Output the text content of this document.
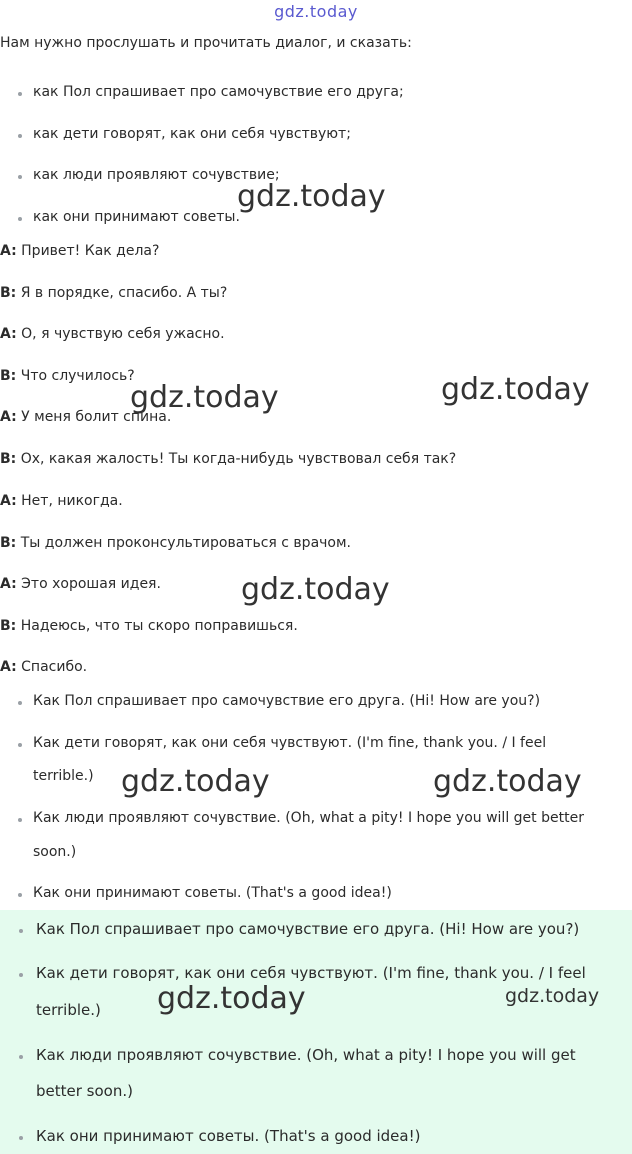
gdz.today
Нам нужно прослушать и прочитать диалог, и сказать:
как Пол спрашивает про самочувствие его друга;
как дети говорят, как они себя чувствуют;
как люди проявляют сочувствие;
как они принимают советы.
A: Привет! Как дела?
B: Я в порядке, спасибо. А ты?
A: О, я чувствую себя ужасно.
B: Что случилось?
A: У меня болит спина.
B: Ох, какая жалость! Ты когда-нибудь чувствовал себя так?
A: Нет, никогда.
B: Ты должен проконсультироваться с врачом.
A: Это хорошая идея.
B: Надеюсь, что ты скоро поправишься.
A: Спасибо.
Как Пол спрашивает про самочувствие его друга. (Hi! How are you?)
Как дети говорят, как они себя чувствуют. (I'm fine, thank you. / I feel
terrible.)
Как люди проявляют сочувствие. (Oh, what a pity! I hope you will get better
soon.)
Как они принимают советы. (That's a good idea!)
Как Пол спрашивает про самочувствие его друга. (Hi! How are you?)
Как дети говорят, как они себя чувствуют. (I'm fine, thank you. / I feel
terrible.)
Как люди проявляют сочувствие. (Oh, what a pity! I hope you will get
better soon.)
Как они принимают советы. (That's a good idea!)
gdz.today
gdz.today	gdz.today
gdz.today
gdz.today	gdz.today
gdz.today	gdz.today
